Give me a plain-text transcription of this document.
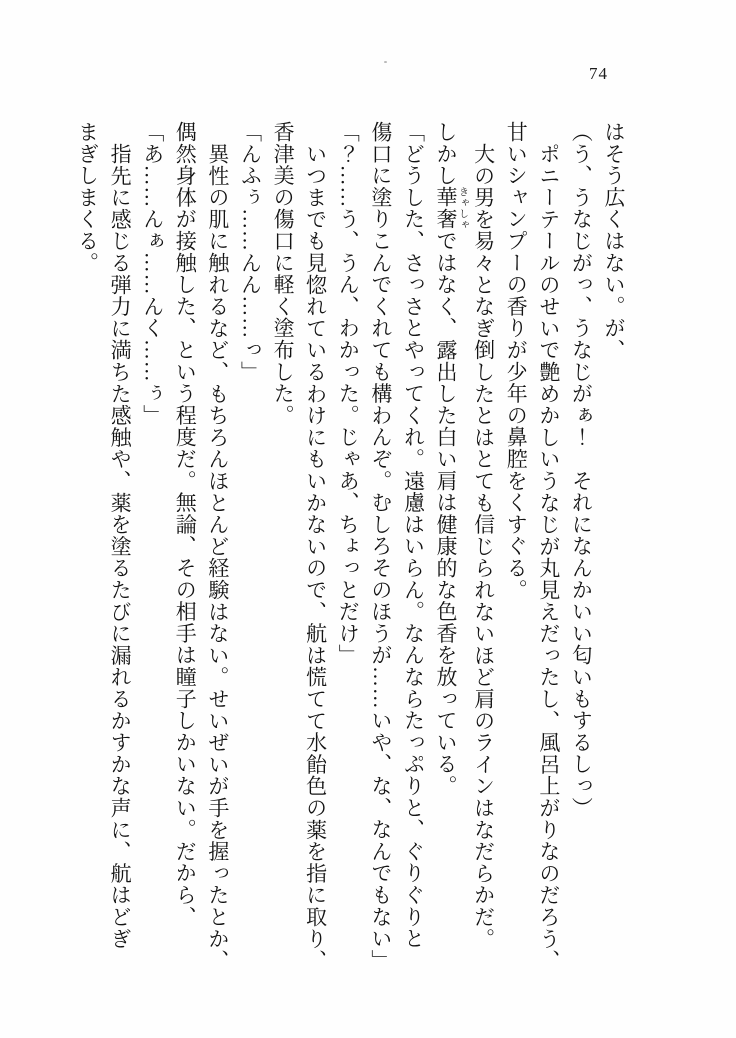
74
はそう広くはない。が、
（う、うなじがっ、うなじがぁ！　それになんかいい匂いもするしっ）
ポニーテールのせいで艶めかしいうなじが丸見えだったし、風呂上がりなのだろう、
甘いシャンプーの香りが少年の鼻腔をくすぐる。
大の男を易々となぎ倒したとはとても信じられないほど肩のラインはなだらかだ。
しかし華奢きゃしゃではなく、露出した白い肩は健康的な色香を放っている。
「どうした、さっさとやってくれ。遠慮はいらん。なんならたっぷりと、ぐりぐりと
傷口に塗りこんでくれても構わんぞ。むしろそのほうが……いや、な、なんでもない」
「？……う、うん、わかった。じゃあ、ちょっとだけ」
いつまでも見惚れているわけにもいかないので、航は慌てて水飴色の薬を指に取り、
香津美の傷口に軽く塗布した。
「んふぅ……んん……っ」
異性の肌に触れるなど、もちろんほとんど経験はない。せいぜいが手を握ったとか、
偶然身体が接触した、という程度だ。無論、その相手は瞳子しかいない。だから、
「あ……んぁ……んく……ぅ」
指先に感じる弾力に満ちた感触や、薬を塗るたびに漏れるかすかな声に、航はどぎ
まぎしまくる。
